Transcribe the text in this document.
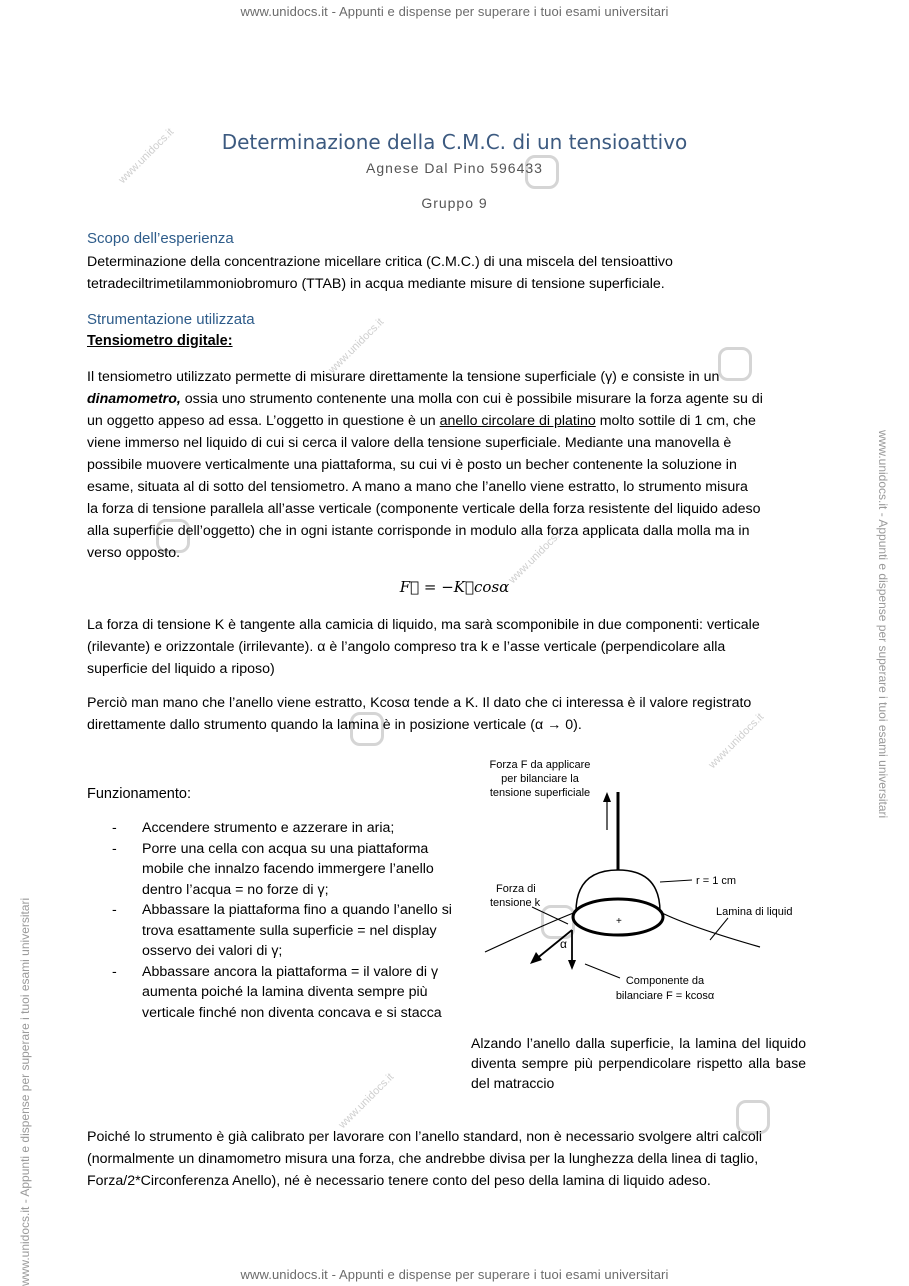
www.unidocs.it - Appunti e dispense per superare i tuoi esami universitari
www.unidocs.it - Appunti e dispense per superare i tuoi esami universitari
www.unidocs.it - Appunti e dispense per superare i tuoi esami universitari
www.unidocs.it - Appunti e dispense per superare i tuoi esami universitari
www.unidocs.it
www.unidocs.it
www.unidocs.it
www.unidocs.it
www.unidocs.it
Determinazione della C.M.C. di un tensioattivo
Agnese Dal Pino 596433
Gruppo 9
Scopo dell’esperienza
Determinazione della concentrazione micellare critica (C.M.C.) di una miscela del tensioattivo
tetradeciltrimetilammoniobromuro (TTAB) in acqua mediante misure di tensione superficiale.
Strumentazione utilizzata
Tensiometro digitale:
Il tensiometro utilizzato permette di misurare direttamente la tensione superficiale (γ) e consiste in un
dinamometro, ossia uno strumento contenente una molla con cui è possibile misurare la forza agente su di
un oggetto appeso ad essa. L’oggetto in questione è un anello circolare di platino molto sottile di 1 cm, che
viene immerso nel liquido di cui si cerca il valore della tensione superficiale. Mediante una manovella è
possibile muovere verticalmente una piattaforma, su cui vi è posto un becher contenente la soluzione in
esame, situata al di sotto del tensiometro. A mano a mano che l’anello viene estratto, lo strumento misura
la forza di tensione parallela all’asse verticale (componente verticale della forza resistente del liquido adeso
alla superficie dell’oggetto) che in ogni istante corrisponde in modulo alla forza applicata dalla molla ma in
verso opposto.
F⃗ = −K⃗cosα
La forza di tensione K è tangente alla camicia di liquido, ma sarà scomponibile in due componenti: verticale
(rilevante) e orizzontale (irrilevante). α è l’angolo compreso tra k e l’asse verticale (perpendicolare alla
superficie del liquido a riposo)
Perciò man mano che l’anello viene estratto, Kcosα tende a K. Il dato che ci interessa è il valore registrato
direttamente dallo strumento quando la lamina è in posizione verticale (α → 0).
Funzionamento:
- Accendere strumento e azzerare in aria;
- Porre una cella con acqua su una piattaforma mobile che innalzo facendo immergere l’anello dentro l’acqua = no forze di γ;
- Abbassare la piattaforma fino a quando l’anello si trova esattamente sulla superficie = nel display osservo dei valori di γ;
- Abbassare ancora la piattaforma = il valore di γ aumenta poiché la lamina diventa sempre più verticale finché non diventa concava e si stacca
Forza F da applicare
per bilanciare la
tensione superficiale
+
r = 1 cm
Lamina di liquid
Forza di
tensione k
α
Componente da
bilanciare F = kcosα
Alzando l’anello dalla superficie, la lamina del liquido diventa sempre più perpendicolare rispetto alla base del matraccio
Poiché lo strumento è già calibrato per lavorare con l’anello standard, non è necessario svolgere altri calcoli
(normalmente un dinamometro misura una forza, che andrebbe divisa per la lunghezza della linea di taglio,
Forza/2*Circonferenza Anello), né è necessario tenere conto del peso della lamina di liquido adeso.
